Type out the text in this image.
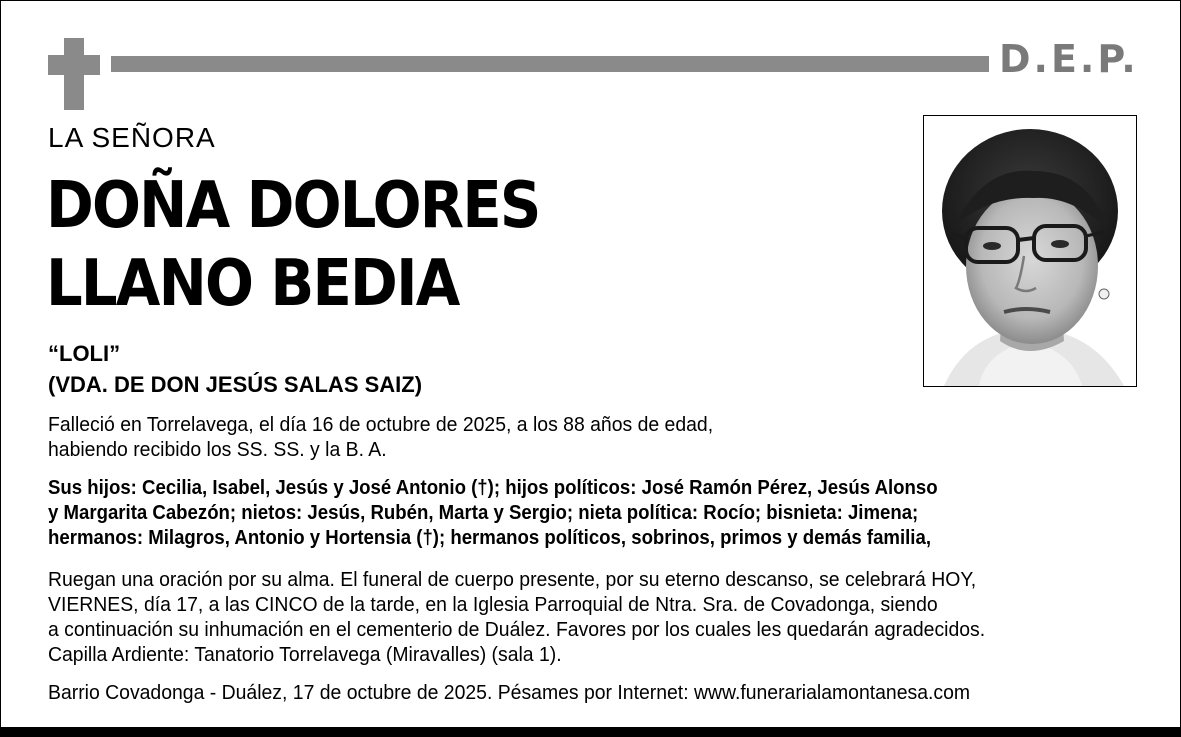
D.E.P.
LA SEÑORA
DOÑA DOLORES
LLANO BEDIA
“LOLI”
(VDA. DE DON JESÚS SALAS SAIZ)
Falleció en Torrelavega, el día 16 de octubre de 2025, a los 88 años de edad,
habiendo recibido los SS. SS. y la B. A.
Sus hijos: Cecilia, Isabel, Jesús y José Antonio (†); hijos políticos: José Ramón Pérez, Jesús Alonso
y Margarita Cabezón; nietos: Jesús, Rubén, Marta y Sergio; nieta política: Rocío; bisnieta: Jimena;
hermanos: Milagros, Antonio y Hortensia (†); hermanos políticos, sobrinos, primos y demás familia,
Ruegan una oración por su alma. El funeral de cuerpo presente, por su eterno descanso, se celebrará HOY,
VIERNES, día 17, a las CINCO de la tarde, en la Iglesia Parroquial de Ntra. Sra. de Covadonga, siendo
a continuación su inhumación en el cementerio de Duález. Favores por los cuales les quedarán agradecidos.
Capilla Ardiente: Tanatorio Torrelavega (Miravalles) (sala 1).
Barrio Covadonga - Duález, 17 de octubre de 2025. Pésames por Internet: www.funerarialamontanesa.com
